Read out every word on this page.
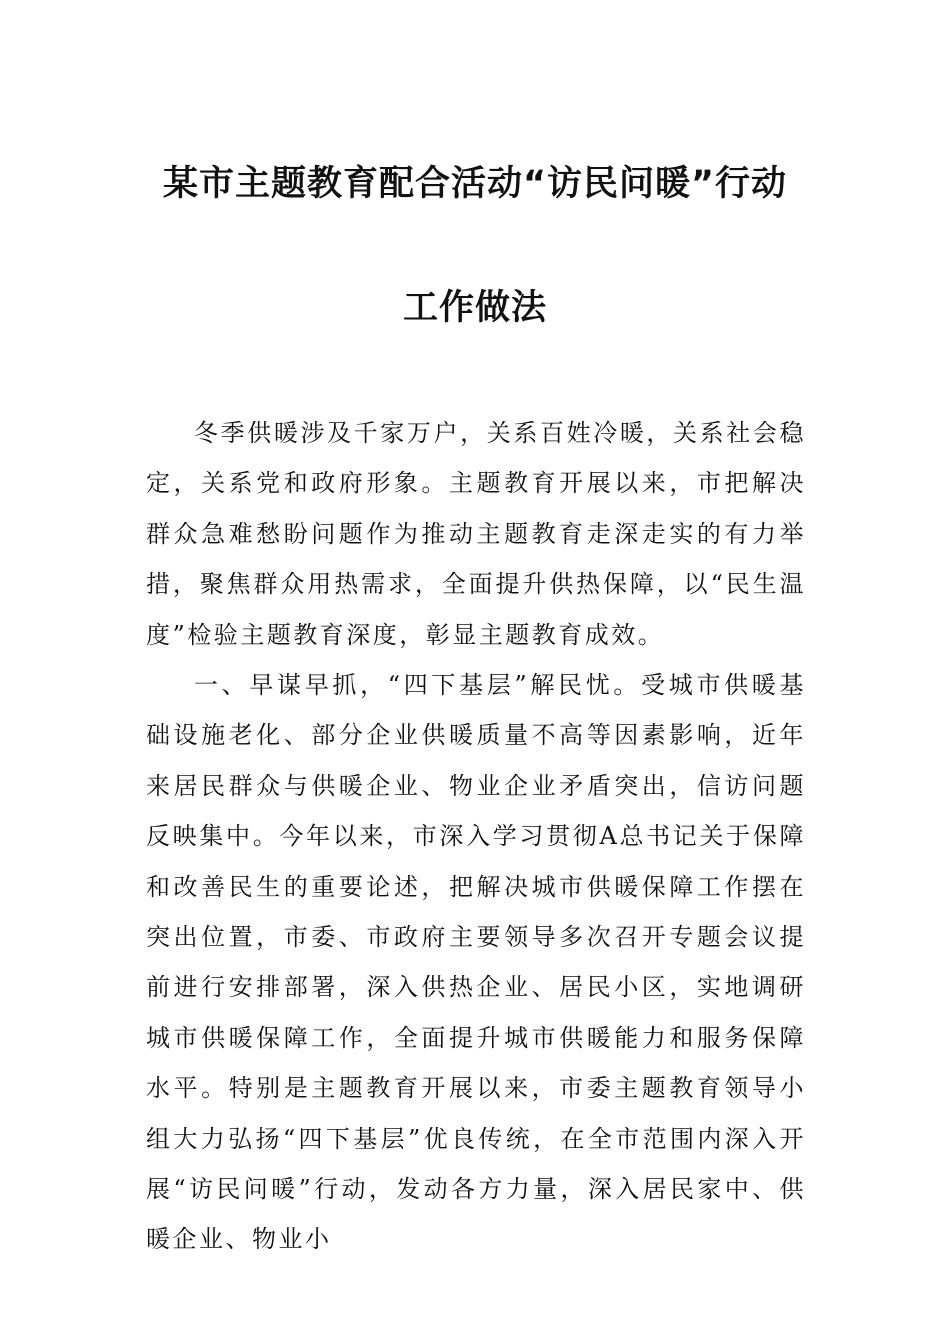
某市主题教育配合活动“访民问暖”行动
工作做法

冬季供暖涉及千家万户，关系百姓冷暖，关系社会稳定，关系党和政府形象。主题教育开展以来，市把解决群众急难愁盼问题作为推动主题教育走深走实的有力举措，聚焦群众用热需求，全面提升供热保障，以“民生温度”检验主题教育深度，彰显主题教育成效。

一、早谋早抓，“四下基层”解民忧。受城市供暖基础设施老化、部分企业供暖质量不高等因素影响，近年来居民群众与供暖企业、物业企业矛盾突出，信访问题反映集中。今年以来，市深入学习贯彻A总书记关于保障和改善民生的重要论述，把解决城市供暖保障工作摆在突出位置，市委、市政府主要领导多次召开专题会议提前进行安排部署，深入供热企业、居民小区，实地调研城市供暖保障工作，全面提升城市供暖能力和服务保障水平。特别是主题教育开展以来，市委主题教育领导小组大力弘扬“四下基层”优良传统，在全市范围内深入开展“访民问暖”行动，发动各方力量，深入居民家中、供暖企业、物业小
